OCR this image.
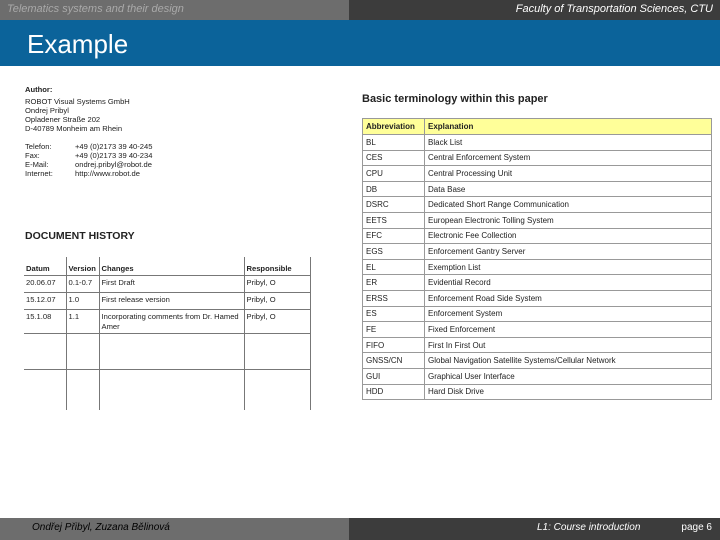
Telematics systems and their design	Faculty of Transportation Sciences, CTU
Example
Author:
ROBOT Visual Systems GmbH
Ondrej Pribyl
Opladener Straße 202
D-40789 Monheim am Rhein
Telefon:	+49 (0)2173 39 40-245
Fax:	+49 (0)2173 39 40-234
E-Mail:	ondrej.pribyl@robot.de
Internet:	http://www.robot.de
DOCUMENT HISTORY
Datum	Version	Changes	Responsible
20.06.07	0.1-0.7	First Draft	Pribyl, O
15.12.07	1.0	First release version	Pribyl, O
15.1.08	1.1	Incorporating comments from Dr. Hamed Amer	Pribyl, O

Basic terminology within this paper
Abbreviation	Explanation
BL	Black List
CES	Central Enforcement System
CPU	Central Processing Unit
DB	Data Base
DSRC	Dedicated Short Range Communication
EETS	European Electronic Tolling System
EFC	Electronic Fee Collection
EGS	Enforcement Gantry Server
EL	Exemption List
ER	Evidential Record
ERSS	Enforcement Road Side System
ES	Enforcement System
FE	Fixed Enforcement
FIFO	First In First Out
GNSS/CN	Global Navigation Satellite Systems/Cellular Network
GUI	Graphical User Interface
HDD	Hard Disk Drive
Ondřej Přibyl, Zuzana Bělinová	L1: Course introduction	page 6
